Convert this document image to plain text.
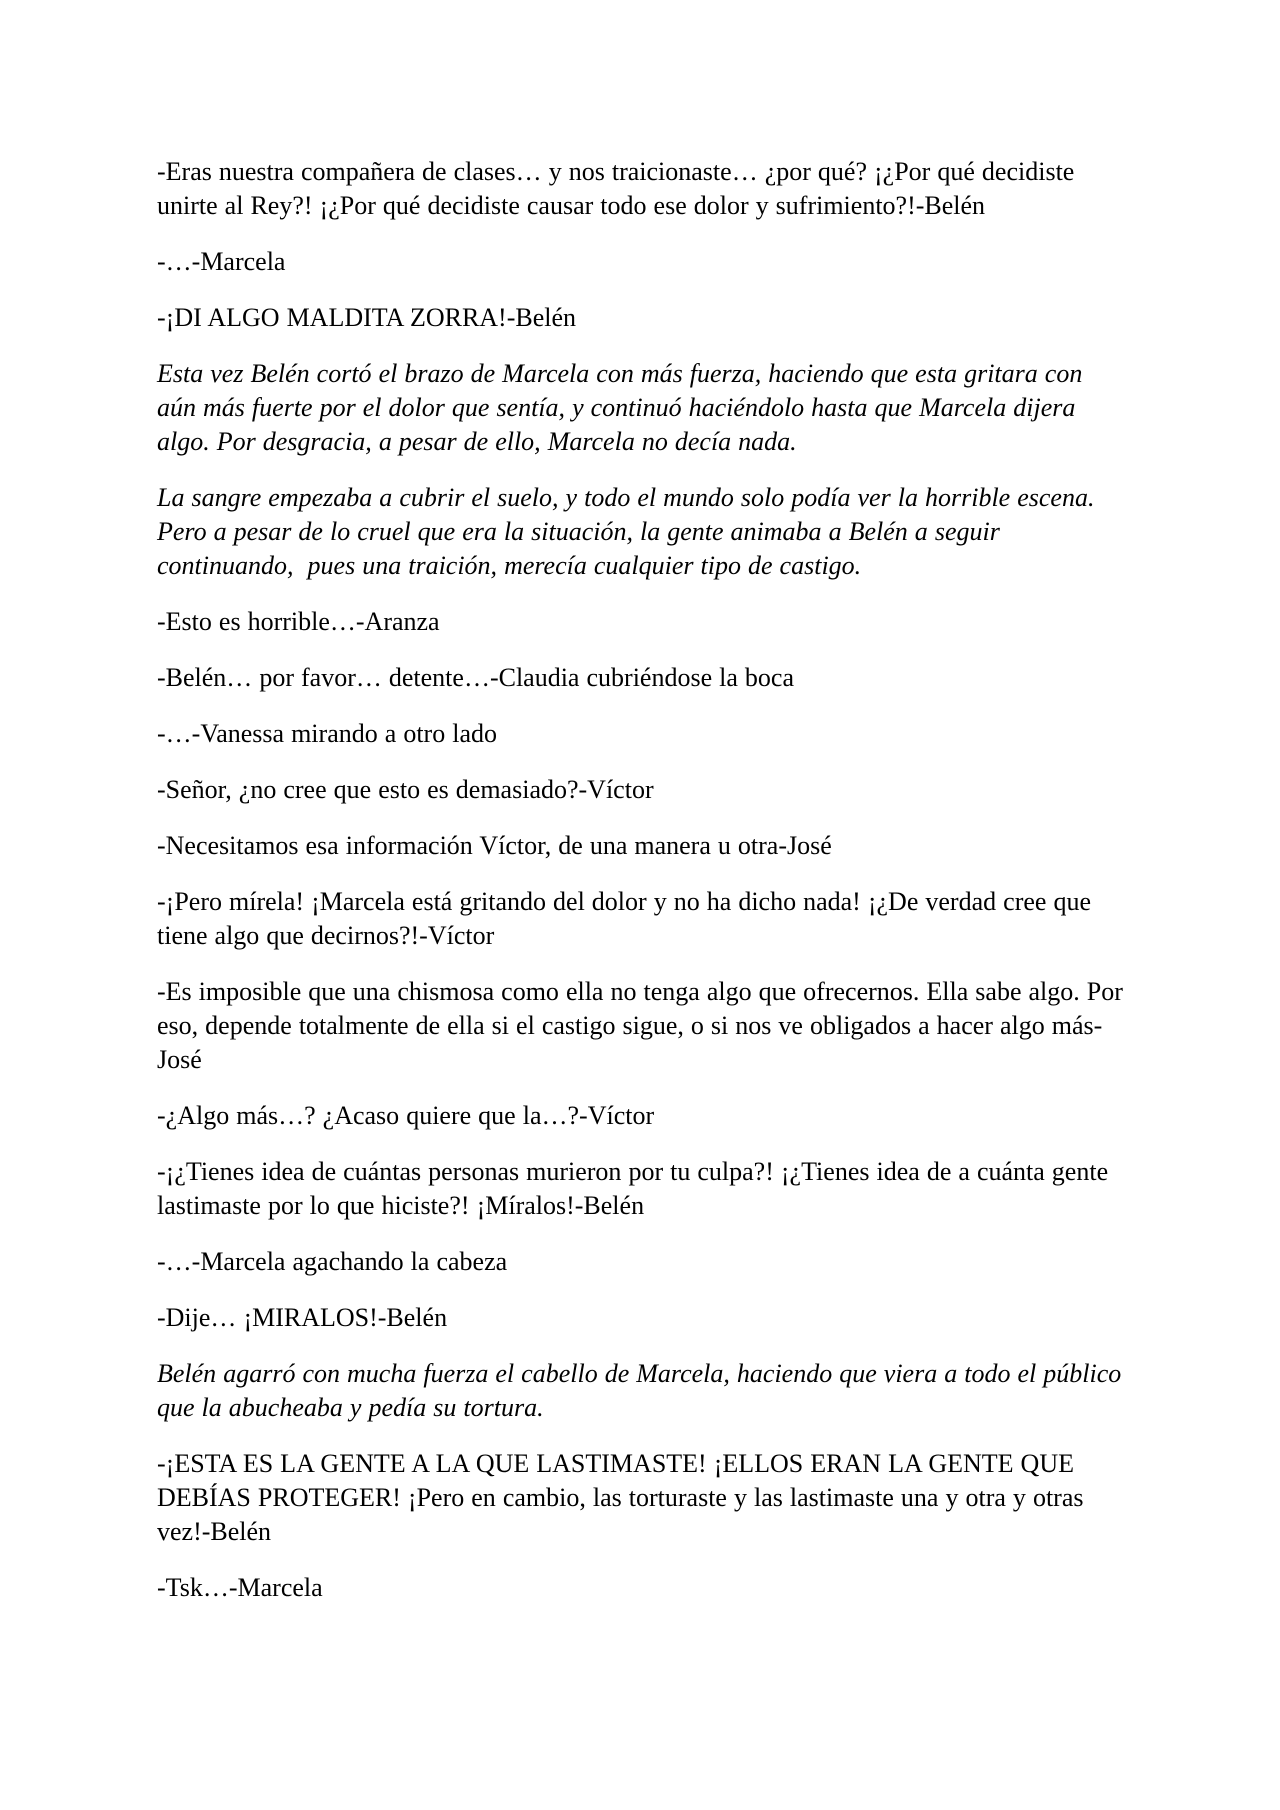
-Eras nuestra compañera de clases… y nos traicionaste… ¿por qué? ¡¿Por qué decidiste unirte al Rey?! ¡¿Por qué decidiste causar todo ese dolor y sufrimiento?!-Belén

-…-Marcela

-¡DI ALGO MALDITA ZORRA!-Belén

Esta vez Belén cortó el brazo de Marcela con más fuerza, haciendo que esta gritara con aún más fuerte por el dolor que sentía, y continuó haciéndolo hasta que Marcela dijera algo. Por desgracia, a pesar de ello, Marcela no decía nada.

La sangre empezaba a cubrir el suelo, y todo el mundo solo podía ver la horrible escena. Pero a pesar de lo cruel que era la situación, la gente animaba a Belén a seguir continuando,  pues una traición, merecía cualquier tipo de castigo.

-Esto es horrible…-Aranza

-Belén… por favor… detente…-Claudia cubriéndose la boca

-…-Vanessa mirando a otro lado

-Señor, ¿no cree que esto es demasiado?-Víctor

-Necesitamos esa información Víctor, de una manera u otra-José

-¡Pero mírela! ¡Marcela está gritando del dolor y no ha dicho nada! ¡¿De verdad cree que tiene algo que decirnos?!-Víctor

-Es imposible que una chismosa como ella no tenga algo que ofrecernos. Ella sabe algo. Por eso, depende totalmente de ella si el castigo sigue, o si nos ve obligados a hacer algo más-José

-¿Algo más…? ¿Acaso quiere que la…?-Víctor

-¡¿Tienes idea de cuántas personas murieron por tu culpa?! ¡¿Tienes idea de a cuánta gente lastimaste por lo que hiciste?! ¡Míralos!-Belén

-…-Marcela agachando la cabeza

-Dije… ¡MIRALOS!-Belén

Belén agarró con mucha fuerza el cabello de Marcela, haciendo que viera a todo el público que la abucheaba y pedía su tortura.

-¡ESTA ES LA GENTE A LA QUE LASTIMASTE! ¡ELLOS ERAN LA GENTE QUE DEBÍAS PROTEGER! ¡Pero en cambio, las torturaste y las lastimaste una y otra y otras vez!-Belén

-Tsk…-Marcela
